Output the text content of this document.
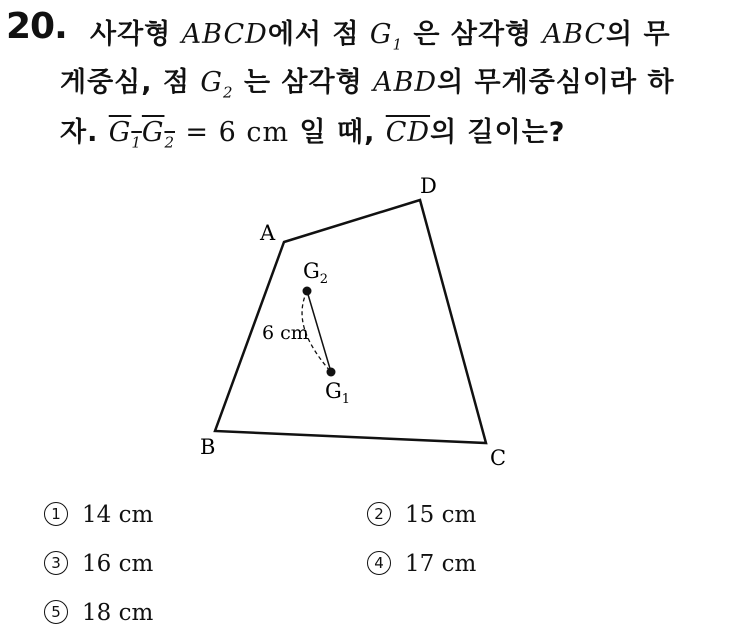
20. 사각형 ABCD에서 점 $G_1$ 은 삼각형 ABC의 무
게중심, 점 $G_2$ 는 삼각형 ABD의 무게중심이라 하
자. $G_1G_2 = 6$ cm 일 때, $\overline{CD}$의 길이는?
A
D
B	C
$G_2$
$G_1$
6 cm
1 14 cm	2 15 cm
3 16 cm	4 17 cm
5 18 cm
